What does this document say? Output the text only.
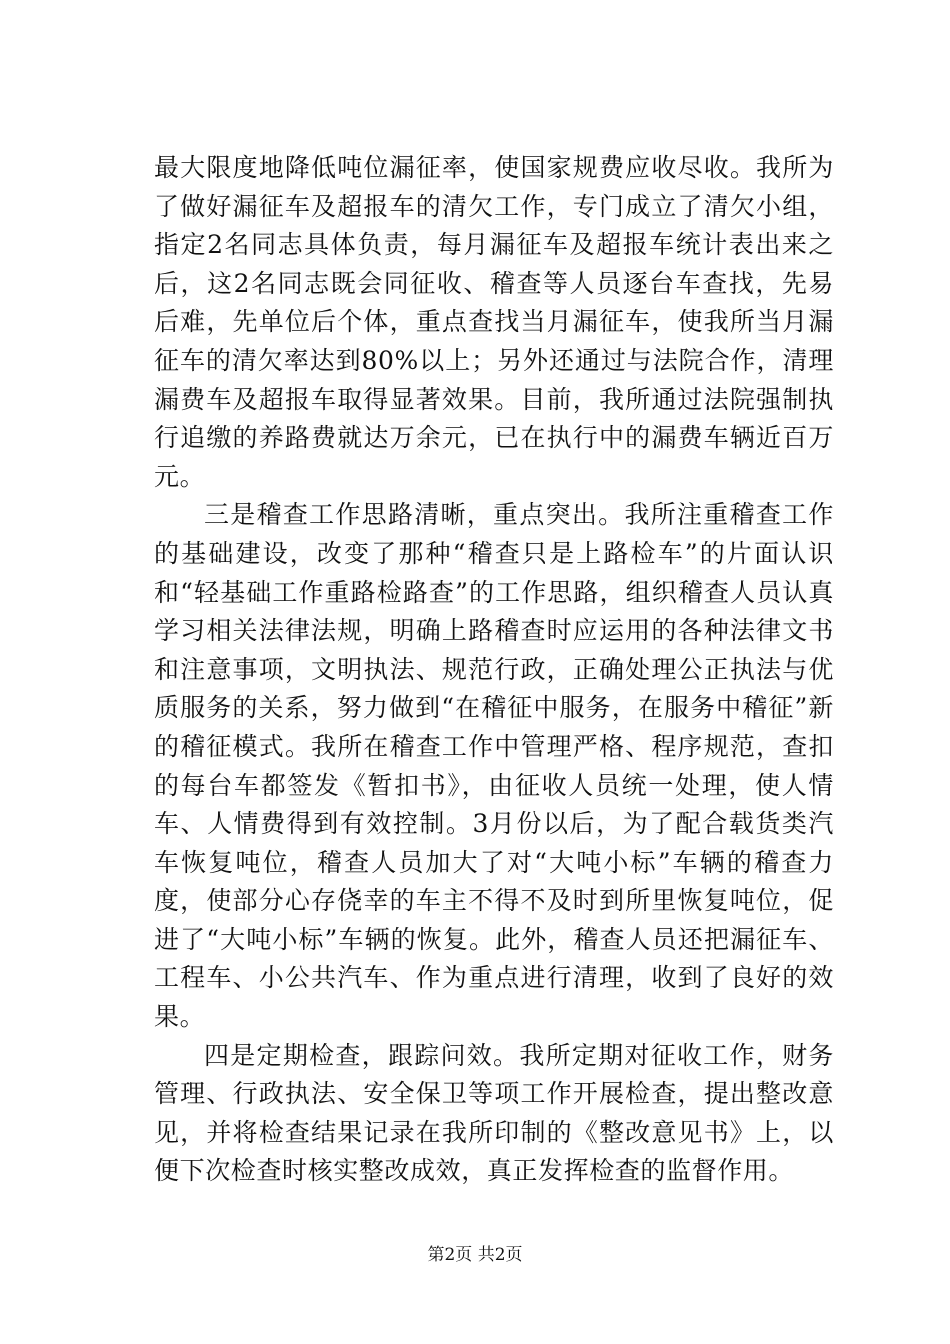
最大限度地降低吨位漏征率，使国家规费应收尽收。我所为了做好漏征车及超报车的清欠工作，专门成立了清欠小组，指定2名同志具体负责，每月漏征车及超报车统计表出来之后，这2名同志既会同征收、稽查等人员逐台车查找，先易后难，先单位后个体，重点查找当月漏征车，使我所当月漏征车的清欠率达到80%以上；另外还通过与法院合作，清理漏费车及超报车取得显著效果。目前，我所通过法院强制执行追缴的养路费就达万余元，已在执行中的漏费车辆近百万元。

三是稽查工作思路清晰，重点突出。我所注重稽查工作的基础建设，改变了那种“稽查只是上路检车”的片面认识和“轻基础工作重路检路查”的工作思路，组织稽查人员认真学习相关法律法规，明确上路稽查时应运用的各种法律文书和注意事项，文明执法、规范行政，正确处理公正执法与优质服务的关系，努力做到“在稽征中服务，在服务中稽征”新的稽征模式。我所在稽查工作中管理严格、程序规范，查扣的每台车都签发《暂扣书》，由征收人员统一处理，使人情车、人情费得到有效控制。3月份以后，为了配合载货类汽车恢复吨位，稽查人员加大了对“大吨小标”车辆的稽查力度，使部分心存侥幸的车主不得不及时到所里恢复吨位，促进了“大吨小标”车辆的恢复。此外，稽查人员还把漏征车、工程车、小公共汽车、作为重点进行清理，收到了良好的效果。

四是定期检查，跟踪问效。我所定期对征收工作，财务管理、行政执法、安全保卫等项工作开展检查，提出整改意见，并将检查结果记录在我所印制的《整改意见书》上，以便下次检查时核实整改成效，真正发挥检查的监督作用。

第2页 共2页
